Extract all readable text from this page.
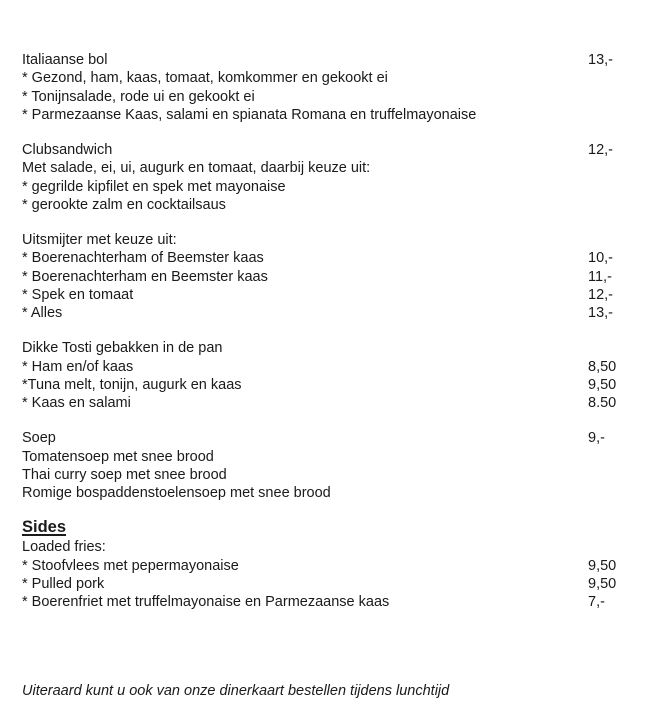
Italiaanse bol	13,-
* Gezond, ham, kaas, tomaat, komkommer en gekookt ei
* Tonijnsalade, rode ui en gekookt ei
* Parmezaanse Kaas, salami en spianata Romana en truffelmayonaise
Clubsandwich	12,-
Met salade, ei, ui, augurk en tomaat, daarbij keuze uit:
* gegrilde kipfilet en spek met mayonaise
* gerookte zalm en cocktailsaus
Uitsmijter met keuze uit:
* Boerenachterham of Beemster kaas	10,-
* Boerenachterham en Beemster kaas	11,-
* Spek en tomaat	12,-
* Alles	13,-
Dikke Tosti gebakken in de pan
* Ham en/of kaas	8,50
*Tuna melt, tonijn, augurk en kaas	9,50
* Kaas en salami	8.50
Soep	9,-
Tomatensoep met snee brood
Thai curry soep met snee brood
Romige bospaddenstoelensoep met snee brood
Sides
Loaded fries:
* Stoofvlees met pepermayonaise	9,50
* Pulled pork	9,50
* Boerenfriet met truffelmayonaise en Parmezaanse kaas	7,-
Uiteraard kunt u ook van onze dinerkaart bestellen tijdens lunchtijd
